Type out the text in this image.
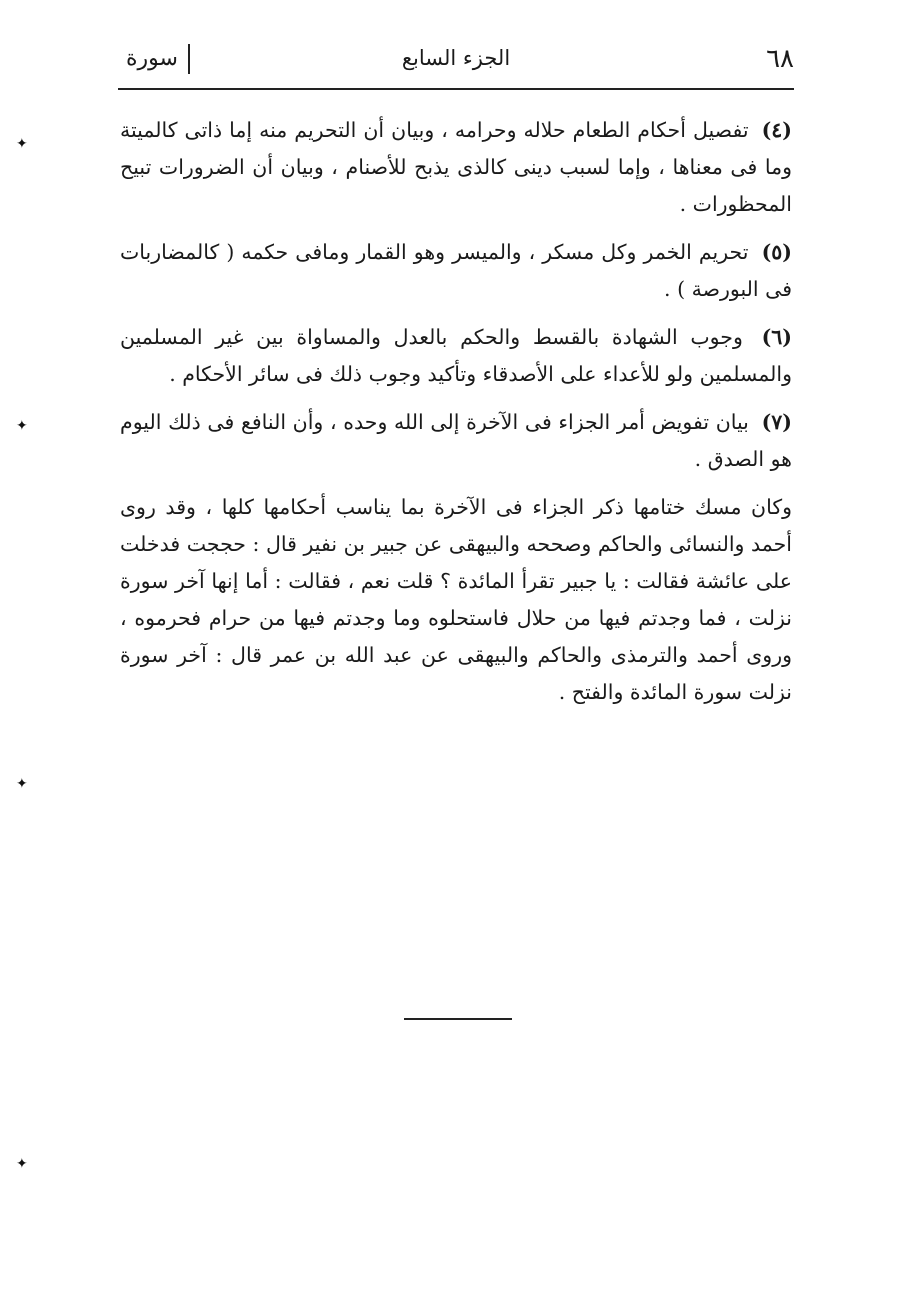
٦٨
الجزء السابع
سورة

(٤) تفصيل أحكام الطعام حلاله وحرامه ، وبيان أن التحريم منه إما ذاتى كالميتة وما فى معناها ، وإما لسبب دينى كالذى يذبح للأصنام ، وبيان أن الضرورات تبيح المحظورات .

(٥) تحريم الخمر وكل مسكر ، والميسر وهو القمار ومافى حكمه ( كالمضاربات فى البورصة ) .

(٦) وجوب الشهادة بالقسط والحكم بالعدل والمساواة بين غير المسلمين والمسلمين ولو للأعداء على الأصدقاء وتأكيد وجوب ذلك فى سائر الأحكام .

(٧) بيان تفويض أمر الجزاء فى الآخرة إلى الله وحده ، وأن النافع فى ذلك اليوم هو الصدق .

وكان مسك ختامها ذكر الجزاء فى الآخرة بما يناسب أحكامها كلها ، وقد روى أحمد والنسائى والحاكم وصححه والبيهقى عن جبير بن نفير قال : حججت فدخلت على عائشة فقالت : يا جبير تقرأ المائدة ؟ قلت نعم ، فقالت : أما إنها آخر سورة نزلت ، فما وجدتم فيها من حلال فاستحلوه وما وجدتم فيها من حرام فحرموه ، وروى أحمد والترمذى والحاكم والبيهقى عن عبد الله بن عمر قال : آخر سورة نزلت سورة المائدة والفتح .

✦
✦
✦
✦
